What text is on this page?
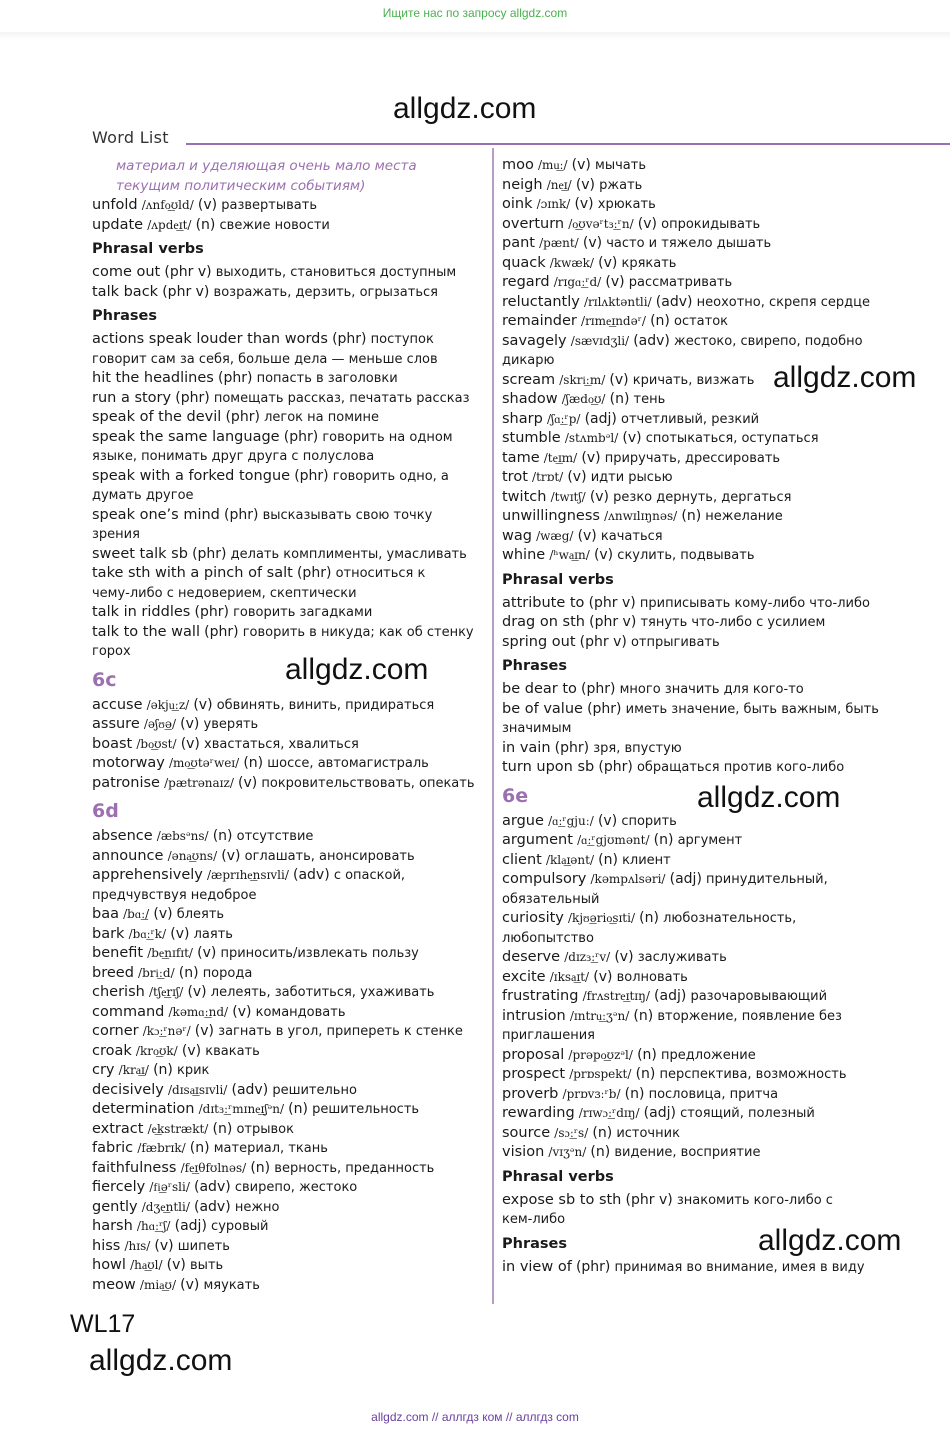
Ищите нас по запросу allgdz.com
allgdz.com
allgdz.com
allgdz.com
allgdz.com
allgdz.com
allgdz.com
Word List
материал и уделяющая очень мало места
текущим политическим событиям)
unfold /ʌnfo͟ʊld/ (v) развертывать
update /ʌpde͟ɪt/ (n) свежие новости
Phrasal verbs
come out (phr v) выходить, становиться доступным
talk back (phr v) возражать, дерзить, огрызаться
Phrases
actions speak louder than words (phr) поступок
говорит сам за себя, больше дела — меньше слов
hit the headlines (phr) попасть в заголовки
run a story (phr) помещать рассказ, печатать рассказ
speak of the devil (phr) легок на помине
speak the same language (phr) говорить на одном
языке, понимать друг друга с полуслова
speak with a forked tongue (phr) говорить одно, а
думать другое
speak one’s mind (phr) высказывать свою точку
зрения
sweet talk sb (phr) делать комплименты, умасливать
take sth with a pinch of salt (phr) относиться к
чему-либо с недоверием, скептически
talk in riddles (phr) говорить загадками
talk to the wall (phr) говорить в никуда; как об стенку
горох
6c
accuse /əkju͟ːz/ (v) обвинять, винить, придираться
assure /əʃʊ͟ə/ (v) уверять
boast /bo͟ʊst/ (v) хвастаться, хвалиться
motorway /mo͟ʊtəʳweɪ/ (n) шоссе, автомагистраль
patronise /pætrənaɪz/ (v) покровительствовать, опекать
6d
absence /æbsᵊns/ (n) отсутствие
announce /əna͟ʊns/ (v) оглашать, анонсировать
apprehensively /æprɪhe͟nsɪvli/ (adv) с опаской,
предчувствуя недоброе
baa /bɑ͟ː/ (v) блеять
bark /bɑ͟ːʳk/ (v) лаять
benefit /be͟nɪfɪt/ (v) приносить/извлекать пользу
breed /bri͟ːd/ (n) порода
cherish /tʃe͟rɪʃ/ (v) лелеять, заботиться, ухаживать
command /kəmɑ͟ːnd/ (v) командовать
corner /kɔ͟ːʳnəʳ/ (v) загнать в угол, припереть к стенке
croak /kro͟ʊk/ (v) квакать
cry /kra͟ɪ/ (n) крик
decisively /dɪsa͟ɪsɪvli/ (adv) решительно
determination /dɪtɜ͟ːʳmɪne͟ɪʃᵊn/ (n) решительность
extract /e͟kstrækt/ (n) отрывок
fabric /fæbrɪk/ (n) материал, ткань
faithfulness /fe͟ɪθfʊlnəs/ (n) верность, преданность
fiercely /fi͟əʳsli/ (adv) свирепо, жестоко
gently /dʒe͟ntli/ (adv) нежно
harsh /hɑ͟ːʳʃ/ (adj) суровый
hiss /hɪs/ (v) шипеть
howl /ha͟ʊl/ (v) выть
meow /mia͟ʊ/ (v) мяукать
moo /mu͟ː/ (v) мычать
neigh /ne͟ɪ/ (v) ржать
oink /ɔɪnk/ (v) хрюкать
overturn /o͟ʊvəʳtɜ͟ːʳn/ (v) опрокидывать
pant /pænt/ (v) часто и тяжело дышать
quack /kwæk/ (v) крякать
regard /rɪgɑ͟ːʳd/ (v) рассматривать
reluctantly /rɪlʌktəntli/ (adv) неохотно, скрепя сердце
remainder /rɪme͟ɪndəʳ/ (n) остаток
savagely /sævɪdʒli/ (adv) жестоко, свирепо, подобно
дикарю
scream /skri͟ːm/ (v) кричать, визжать
shadow /ʃædo͟ʊ/ (n) тень
sharp /ʃɑ͟ːʳp/ (adj) отчетливый, резкий
stumble /stʌmbᵊl/ (v) спотыкаться, оступаться
tame /te͟ɪm/ (v) приручать, дрессировать
trot /trɒt/ (v) идти рысью
twitch /twɪtʃ/ (v) резко дернуть, дергаться
unwillingness /ʌnwɪlɪŋnəs/ (n) нежелание
wag /wæg/ (v) качаться
whine /ʰwa͟ɪn/ (v) скулить, подвывать
Phrasal verbs
attribute to (phr v) приписывать кому-либо что-либо
drag on sth (phr v) тянуть что-либо с усилием
spring out (phr v) отпрыгивать
Phrases
be dear to (phr) много значить для кого-то
be of value (phr) иметь значение, быть важным, быть
значимым
in vain (phr) зря, впустую
turn upon sb (phr) обращаться против кого-либо
6e
argue /ɑ͟ːʳgjuː/ (v) спорить
argument /ɑ͟ːʳgjʊmənt/ (n) аргумент
client /kla͟ɪənt/ (n) клиент
compulsory /kəmpʌlsəri/ (adj) принудительный,
обязательный
curiosity /kjʊ͟ərio͟sɪti/ (n) любознательность,
любопытство
deserve /dɪzɜ͟ːʳv/ (v) заслуживать
excite /ɪksa͟ɪt/ (v) волновать
frustrating /frʌstre͟ɪtɪŋ/ (adj) разочаровывающий
intrusion /ɪntru͟ːʒᵊn/ (n) вторжение, появление без
приглашения
proposal /prəpo͟ʊzᵊl/ (n) предложение
prospect /prɒspekt/ (n) перспектива, возможность
proverb /prɒvɜːʳb/ (n) пословица, притча
rewarding /rɪwɔ͟ːʳdɪŋ/ (adj) стоящий, полезный
source /sɔ͟ːʳs/ (n) источник
vision /vɪʒᵊn/ (n) видение, восприятие
Phrasal verbs
expose sb to sth (phr v) знакомить кого-либо с
кем-либо
Phrases
in view of (phr) принимая во внимание, имея в виду
WL17
allgdz.com // аллгдз ком // аллгдз com
